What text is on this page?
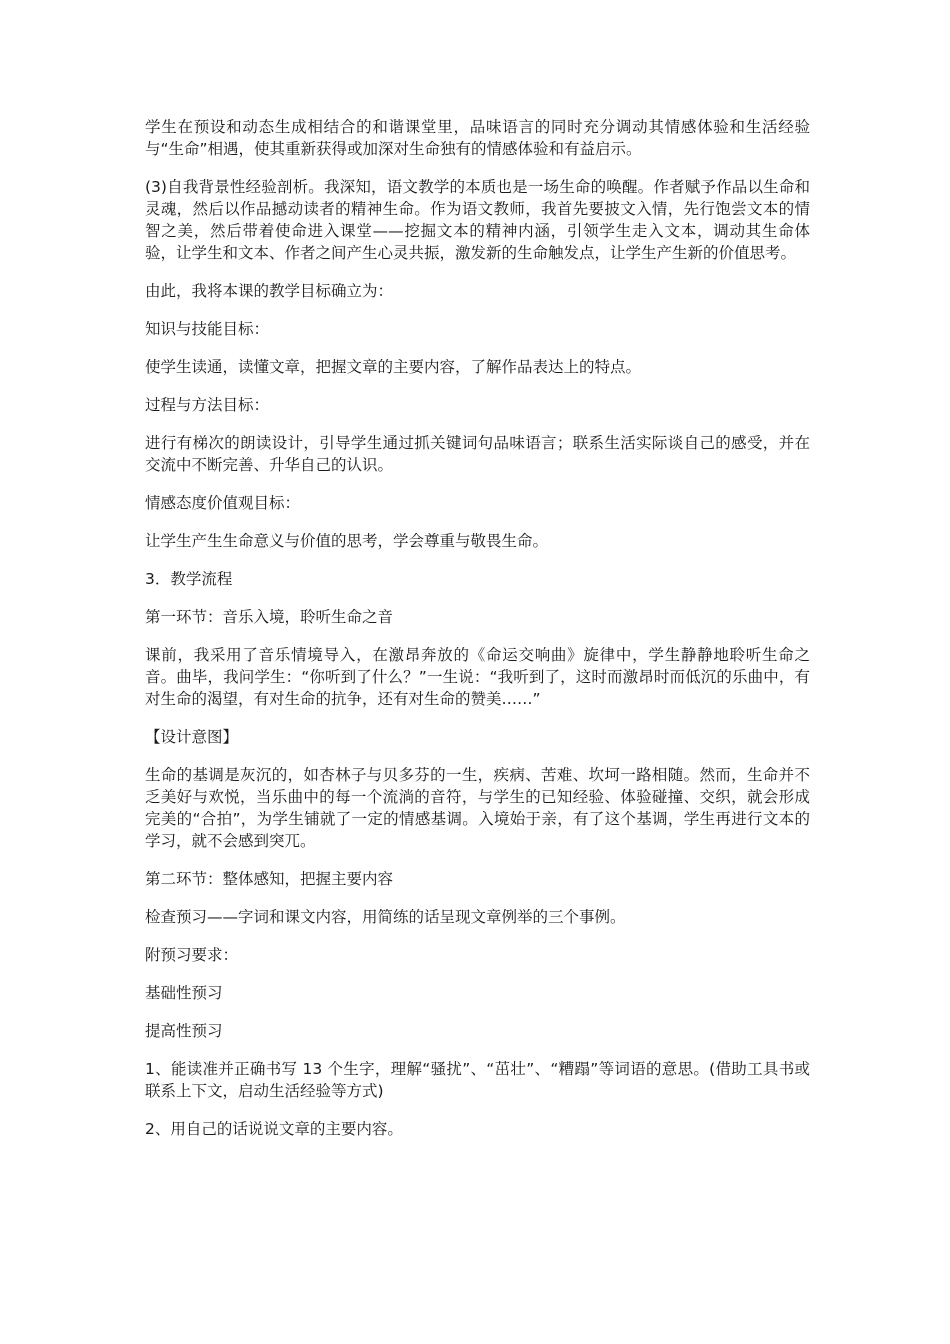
学生在预设和动态生成相结合的和谐课堂里，品味语言的同时充分调动其情感体验和生活经验与“生命”相遇，使其重新获得或加深对生命独有的情感体验和有益启示。

(3)自我背景性经验剖析。我深知，语文教学的本质也是一场生命的唤醒。作者赋予作品以生命和灵魂，然后以作品撼动读者的精神生命。作为语文教师，我首先要披文入情，先行饱尝文本的情智之美，然后带着使命进入课堂——挖掘文本的精神内涵，引领学生走入文本，调动其生命体验，让学生和文本、作者之间产生心灵共振，激发新的生命触发点，让学生产生新的价值思考。

由此，我将本课的教学目标确立为：

知识与技能目标：

使学生读通，读懂文章，把握文章的主要内容，了解作品表达上的特点。

过程与方法目标：

进行有梯次的朗读设计，引导学生通过抓关键词句品味语言；联系生活实际谈自己的感受，并在交流中不断完善、升华自己的认识。

情感态度价值观目标：

让学生产生生命意义与价值的思考，学会尊重与敬畏生命。

3．教学流程

第一环节：音乐入境，聆听生命之音

课前，我采用了音乐情境导入，在激昂奔放的《命运交响曲》旋律中，学生静静地聆听生命之音。曲毕，我问学生：“你听到了什么？”一生说：“我听到了，这时而激昂时而低沉的乐曲中，有对生命的渴望，有对生命的抗争，还有对生命的赞美……”

【设计意图】

生命的基调是灰沉的，如杏林子与贝多芬的一生，疾病、苦难、坎坷一路相随。然而，生命并不乏美好与欢悦，当乐曲中的每一个流淌的音符，与学生的已知经验、体验碰撞、交织，就会形成完美的“合拍”，为学生铺就了一定的情感基调。入境始于亲，有了这个基调，学生再进行文本的学习，就不会感到突兀。

第二环节：整体感知，把握主要内容

检查预习——字词和课文内容，用简练的话呈现文章例举的三个事例。

附预习要求：

基础性预习

提高性预习

1、能读准并正确书写 13 个生字，理解“骚扰”、“茁壮”、“糟蹋”等词语的意思。(借助工具书或联系上下文，启动生活经验等方式)

2、用自己的话说说文章的主要内容。
